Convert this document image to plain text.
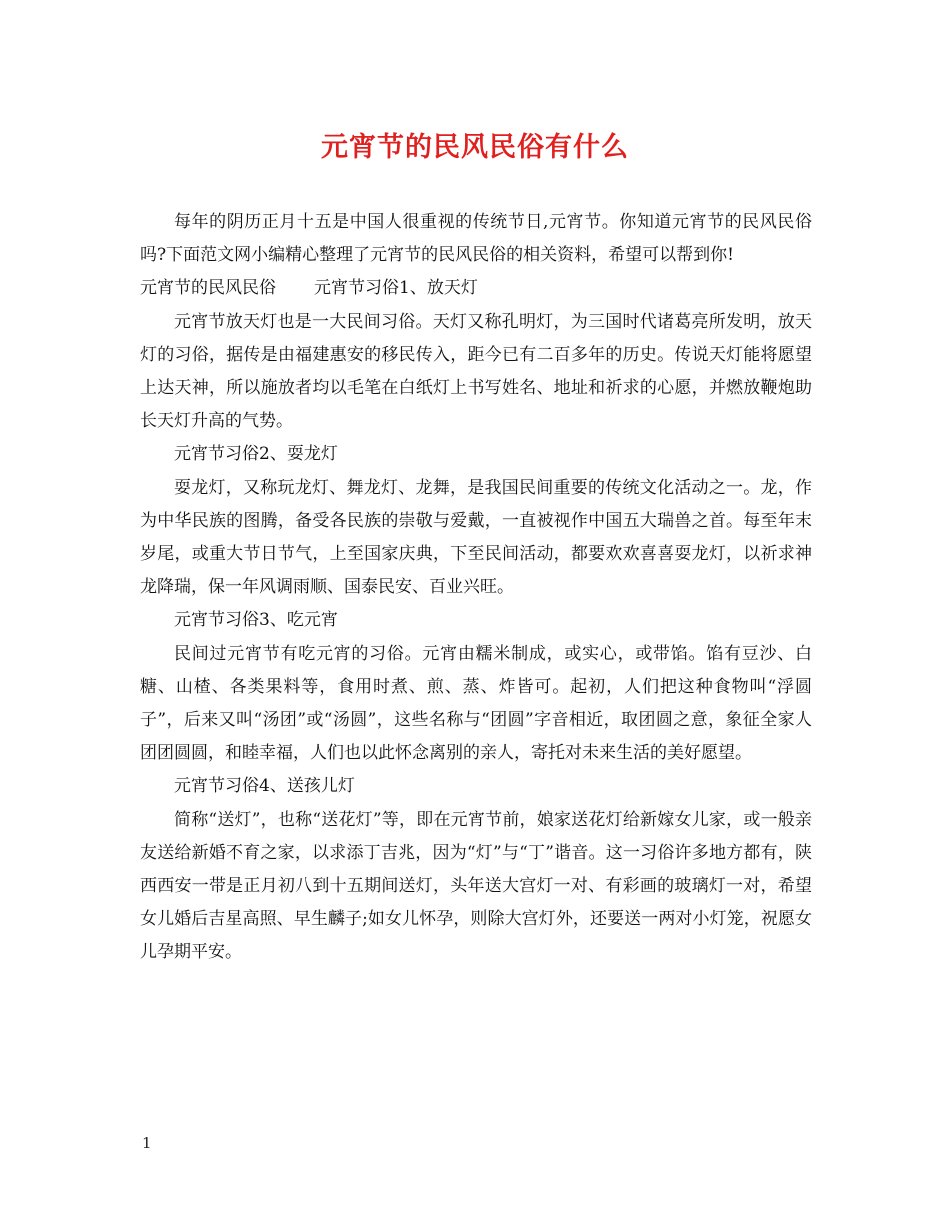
元宵节的民风民俗有什么

每年的阴历正月十五是中国人很重视的传统节日,元宵节。你知道元宵节的民风民俗吗?下面范文网小编精心整理了元宵节的民风民俗的相关资料，希望可以帮到你!

元宵节的民风民俗 元宵节习俗1、放天灯

元宵节放天灯也是一大民间习俗。天灯又称孔明灯，为三国时代诸葛亮所发明，放天灯的习俗，据传是由福建惠安的移民传入，距今已有二百多年的历史。传说天灯能将愿望上达天神，所以施放者均以毛笔在白纸灯上书写姓名、地址和祈求的心愿，并燃放鞭炮助长天灯升高的气势。

元宵节习俗2、耍龙灯

耍龙灯，又称玩龙灯、舞龙灯、龙舞，是我国民间重要的传统文化活动之一。龙，作为中华民族的图腾，备受各民族的崇敬与爱戴，一直被视作中国五大瑞兽之首。每至年末岁尾，或重大节日节气，上至国家庆典，下至民间活动，都要欢欢喜喜耍龙灯，以祈求神龙降瑞，保一年风调雨顺、国泰民安、百业兴旺。

元宵节习俗3、吃元宵

民间过元宵节有吃元宵的习俗。元宵由糯米制成，或实心，或带馅。馅有豆沙、白糖、山楂、各类果料等，食用时煮、煎、蒸、炸皆可。起初，人们把这种食物叫“浮圆子”，后来又叫“汤团”或“汤圆”，这些名称与“团圆”字音相近，取团圆之意，象征全家人团团圆圆，和睦幸福，人们也以此怀念离别的亲人，寄托对未来生活的美好愿望。

元宵节习俗4、送孩儿灯

简称“送灯”，也称“送花灯”等，即在元宵节前，娘家送花灯给新嫁女儿家，或一般亲友送给新婚不育之家，以求添丁吉兆，因为“灯”与“丁”谐音。这一习俗许多地方都有，陕西西安一带是正月初八到十五期间送灯，头年送大宫灯一对、有彩画的玻璃灯一对，希望女儿婚后吉星高照、早生麟子;如女儿怀孕，则除大宫灯外，还要送一两对小灯笼，祝愿女儿孕期平安。

1
